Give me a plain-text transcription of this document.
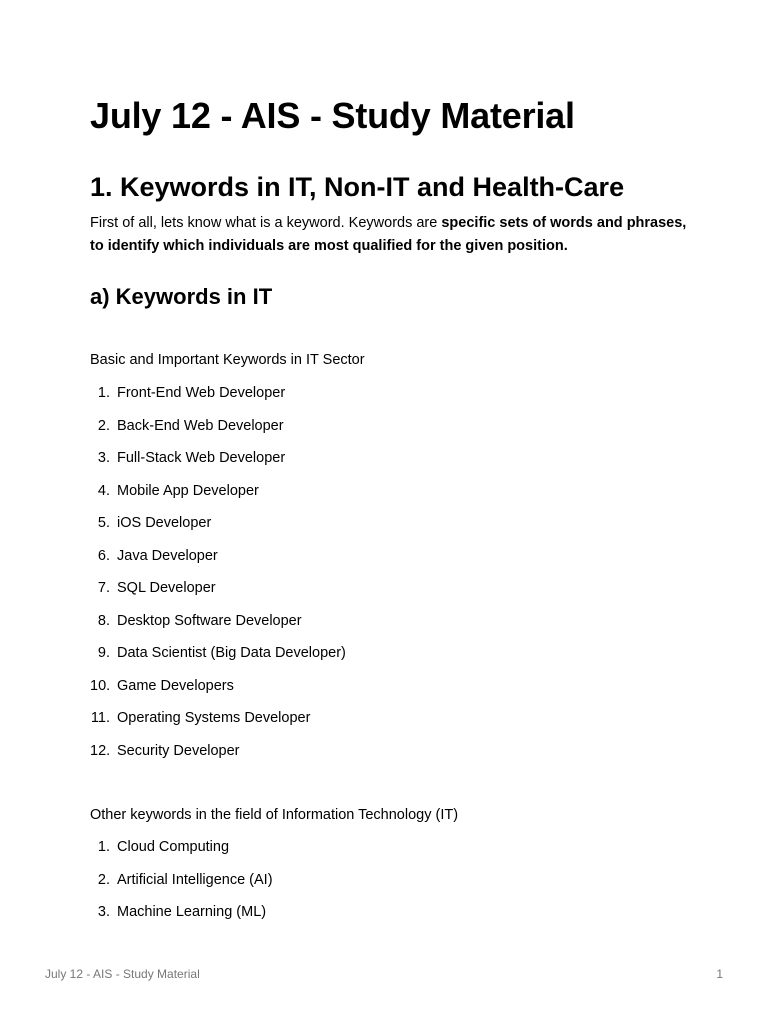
July 12 - AIS - Study Material
1. Keywords in IT, Non-IT and Health-Care

First of all, lets know what is a keyword. Keywords are specific sets of words and phrases, to identify which individuals are most qualified for the given position.

a) Keywords in IT

Basic and Important Keywords in IT Sector

1. Front-End Web Developer
2. Back-End Web Developer
3. Full-Stack Web Developer
4. Mobile App Developer
5. iOS Developer
6. Java Developer
7. SQL Developer
8. Desktop Software Developer
9. Data Scientist (Big Data Developer)
10. Game Developers
11. Operating Systems Developer
12. Security Developer

Other keywords in the field of Information Technology (IT)

1. Cloud Computing
2. Artificial Intelligence (AI)
3. Machine Learning (ML)
July 12 - AIS - Study Material	1
